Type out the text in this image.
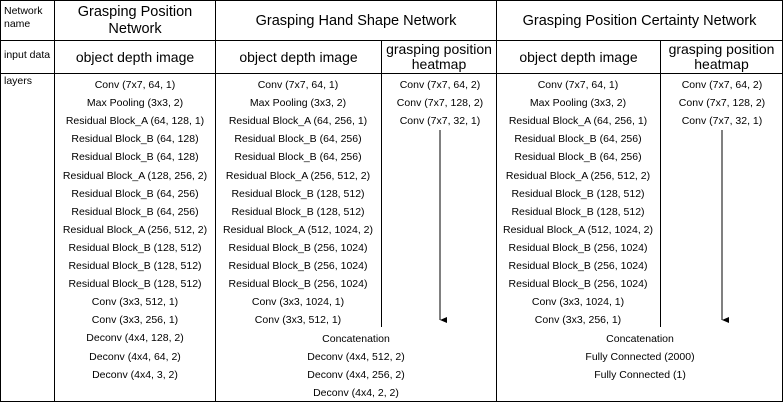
Network
name
input data
layers
Grasping Position
Network
object depth image
Grasping Hand Shape Network
object depth image	grasping position
heatmap
Grasping Position Certainty Network
object depth image	grasping position
heatmap
Conv (7x7, 64, 1)
Max Pooling (3x3, 2)
Residual Block_A (64, 128, 1)
Residual Block_B (64, 128)
Residual Block_B (64, 128)
Residual Block_A (128, 256, 2)
Residual Block_B (64, 256)
Residual Block_B (64, 256)
Residual Block_A (256, 512, 2)
Residual Block_B (128, 512)
Residual Block_B (128, 512)
Residual Block_B (128, 512)
Conv (3x3, 512, 1)
Conv (3x3, 256, 1)
Deconv (4x4, 128, 2)
Deconv (4x4, 64, 2)
Deconv (4x4, 3, 2)
Conv (7x7, 64, 1)
Max Pooling (3x3, 2)
Residual Block_A (64, 256, 1)
Residual Block_B (64, 256)
Residual Block_B (64, 256)
Residual Block_A (256, 512, 2)
Residual Block_B (128, 512)
Residual Block_B (128, 512)
Residual Block_A (512, 1024, 2)
Residual Block_B (256, 1024)
Residual Block_B (256, 1024)
Residual Block_B (256, 1024)
Conv (3x3, 1024, 1)
Conv (3x3, 512, 1)
Conv (7x7, 64, 2)
Conv (7x7, 128, 2)
Conv (7x7, 32, 1)
Concatenation
Deconv (4x4, 512, 2)
Deconv (4x4, 256, 2)
Deconv (4x4, 2, 2)
Conv (7x7, 64, 1)
Max Pooling (3x3, 2)
Residual Block_A (64, 256, 1)
Residual Block_B (64, 256)
Residual Block_B (64, 256)
Residual Block_A (256, 512, 2)
Residual Block_B (128, 512)
Residual Block_B (128, 512)
Residual Block_A (512, 1024, 2)
Residual Block_B (256, 1024)
Residual Block_B (256, 1024)
Residual Block_B (256, 1024)
Conv (3x3, 1024, 1)
Conv (3x3, 256, 1)
Conv (7x7, 64, 2)
Conv (7x7, 128, 2)
Conv (7x7, 32, 1)
Concatenation
Fully Connected (2000)
Fully Connected (1)
